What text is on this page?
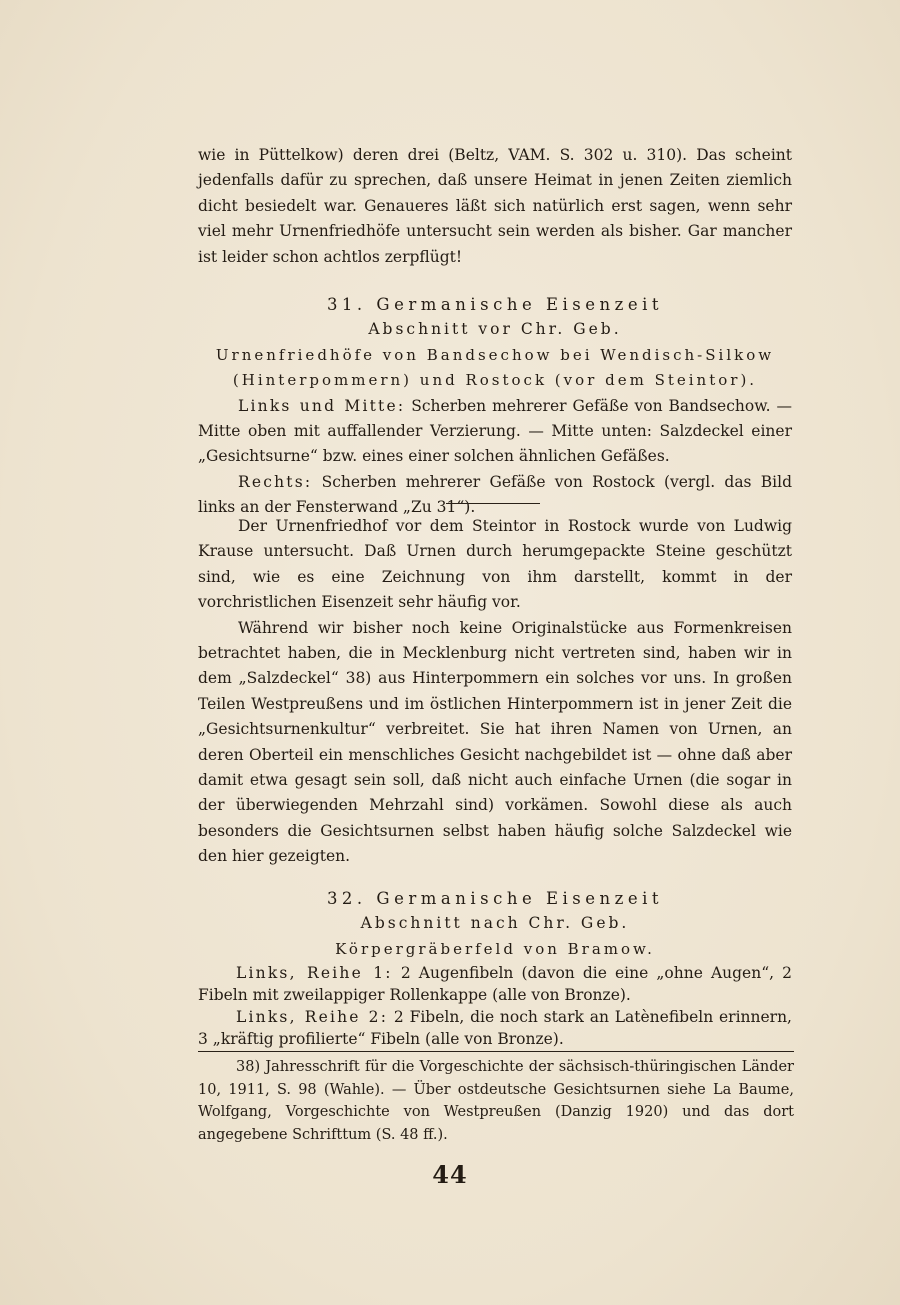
wie in Püttelkow) deren drei (Beltz, VAM. S. 302 u. 310). Das scheint jedenfalls dafür zu sprechen, daß unsere Heimat in jenen Zeiten ziemlich dicht besiedelt war. Genaueres läßt sich natürlich erst sagen, wenn sehr viel mehr Urnenfriedhöfe untersucht sein werden als bisher. Gar mancher ist leider schon achtlos zerpflügt!

31. Germanische Eisenzeit

Abschnitt vor Chr. Geb.

Urnenfriedhöfe von Bandsechow bei Wendisch-Silkow

(Hinterpommern) und Rostock (vor dem Steintor).

Links und Mitte: Scherben mehrerer Gefäße von Bandsechow. — Mitte oben mit auffallender Verzierung. — Mitte unten: Salzdeckel einer „Gesichtsurne“ bzw. eines einer solchen ähnlichen Gefäßes.

Rechts: Scherben mehrerer Gefäße von Rostock (vergl. das Bild links an der Fensterwand „Zu 31“).

Der Urnenfriedhof vor dem Steintor in Rostock wurde von Ludwig Krause untersucht. Daß Urnen durch herumgepackte Steine geschützt sind, wie es eine Zeichnung von ihm darstellt, kommt in der vorchristlichen Eisenzeit sehr häufig vor.

Während wir bisher noch keine Originalstücke aus Formenkreisen betrachtet haben, die in Mecklenburg nicht vertreten sind, haben wir in dem „Salzdeckel“ 38) aus Hinterpommern ein solches vor uns. In großen Teilen Westpreußens und im östlichen Hinterpommern ist in jener Zeit die „Gesichtsurnenkultur“ verbreitet. Sie hat ihren Namen von Urnen, an deren Oberteil ein menschliches Gesicht nachgebildet ist — ohne daß aber damit etwa gesagt sein soll, daß nicht auch einfache Urnen (die sogar in der überwiegenden Mehrzahl sind) vorkämen. Sowohl diese als auch besonders die Gesichtsurnen selbst haben häufig solche Salzdeckel wie den hier gezeigten.

32. Germanische Eisenzeit

Abschnitt nach Chr. Geb.

Körpergräberfeld von Bramow.

Links, Reihe 1: 2 Augenfibeln (davon die eine „ohne Augen“, 2 Fibeln mit zweilappiger Rollenkappe (alle von Bronze).

Links, Reihe 2: 2 Fibeln, die noch stark an Latènefibeln erinnern, 3 „kräftig profilierte“ Fibeln (alle von Bronze).

38) Jahresschrift für die Vorgeschichte der sächsisch-thüringischen Länder 10, 1911, S. 98 (Wahle). — Über ostdeutsche Gesichtsurnen siehe La Baume, Wolfgang, Vorgeschichte von Westpreußen (Danzig 1920) und das dort angegebene Schrifttum (S. 48 ff.).

44
